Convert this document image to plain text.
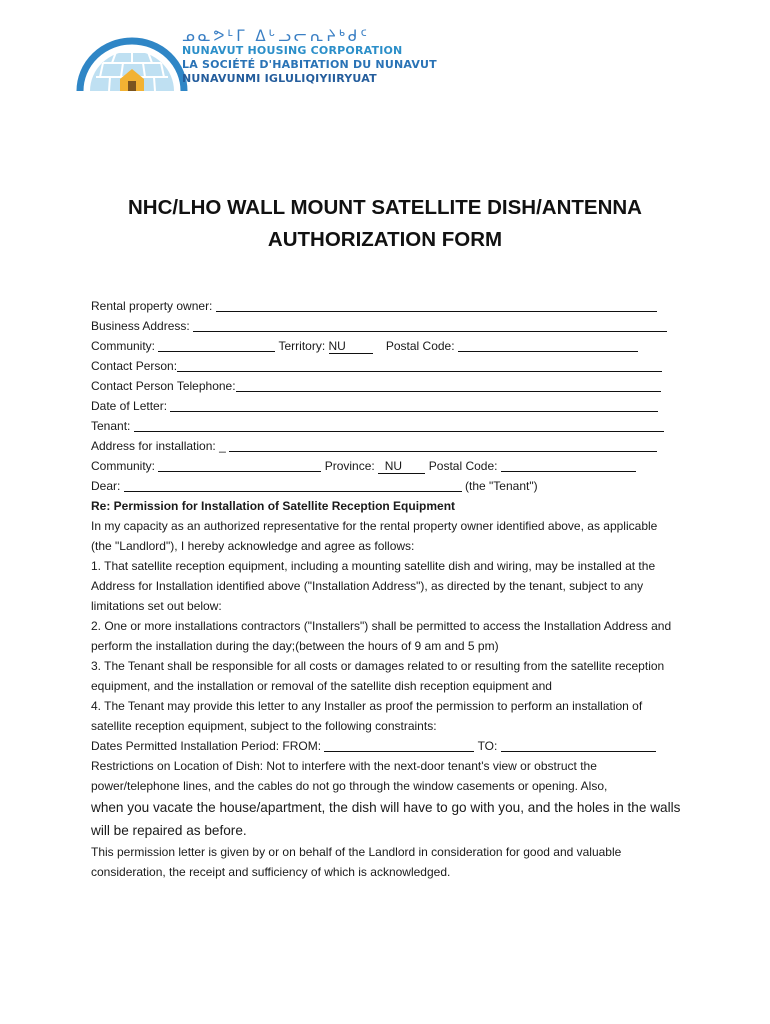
ᓄᓇᕗᒻᒥ ᐃᒡᓗᓕᕆᔨᒃᑯᑦ
NUNAVUT HOUSING CORPORATION
LA SOCIÉTÉ D'HABITATION DU NUNAVUT
NUNAVUNMI IGLULIQIYIIRYUAT
NHC/LHO WALL MOUNT SATELLITE DISH/ANTENNA
AUTHORIZATION FORM
Rental property owner:
Business Address:
Community:	Territory: NU	Postal Code:
Contact Person:
Contact Person Telephone:
Date of Letter:
Tenant:
Address for installation: _
Community:	Province: NU Postal Code:
Dear:	(the "Tenant")
Re: Permission for Installation of Satellite Reception Equipment
In my capacity as an authorized representative for the rental property owner identified above, as applicable (the "Landlord"), I hereby acknowledge and agree as follows:
1. That satellite reception equipment, including a mounting satellite dish and wiring, may be installed at the Address for Installation identified above ("Installation Address"), as directed by the tenant, subject to any limitations set out below:
2. One or more installations contractors ("Installers") shall be permitted to access the Installation Address and perform the installation during the day;(between the hours of 9 am and 5 pm)
3. The Tenant shall be responsible for all costs or damages related to or resulting from the satellite reception equipment, and the installation or removal of the satellite dish reception equipment and
4. The Tenant may provide this letter to any Installer as proof the permission to perform an installation of satellite reception equipment, subject to the following constraints:
Dates Permitted Installation Period: FROM:	TO:
Restrictions on Location of Dish: Not to interfere with the next-door tenant's view or obstruct the power/telephone lines, and the cables do not go through the window casements or opening. Also,
when you vacate the house/apartment, the dish will have to go with you, and the holes in the walls will be repaired as before.
This permission letter is given by or on behalf of the Landlord in consideration for good and valuable consideration, the receipt and sufficiency of which is acknowledged.
